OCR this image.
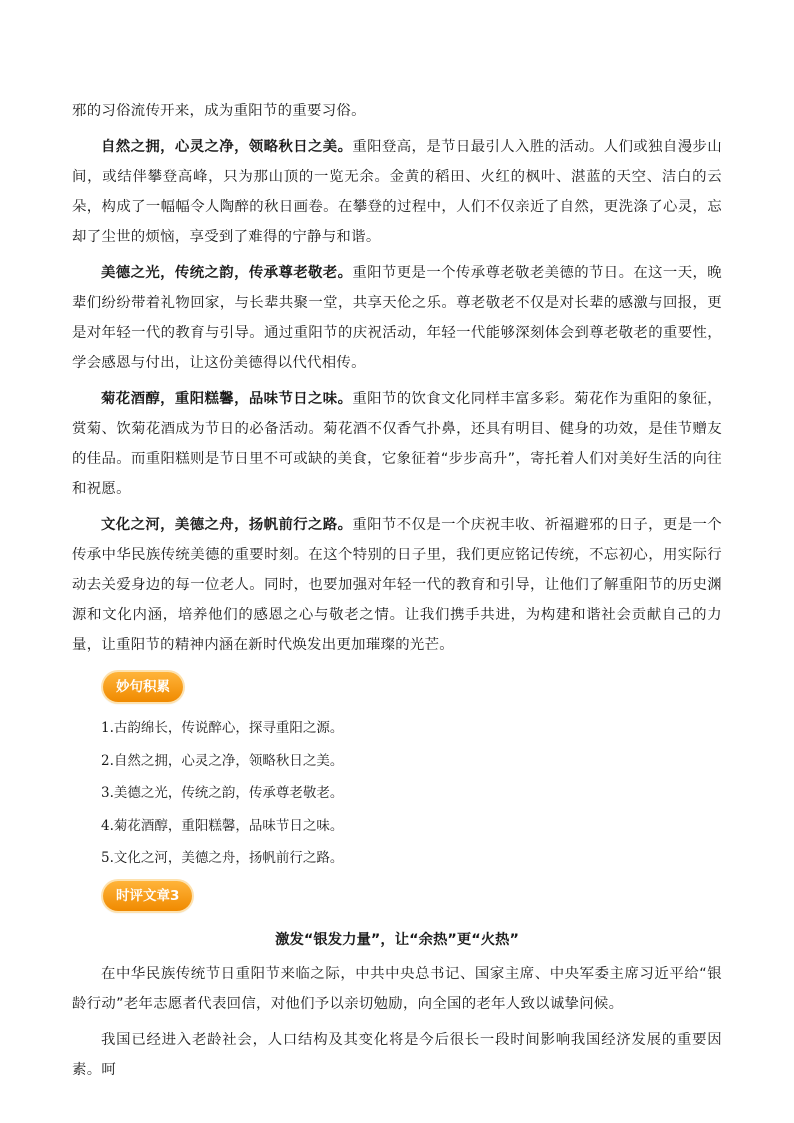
邪的习俗流传开来，成为重阳节的重要习俗。

自然之拥，心灵之净，领略秋日之美。重阳登高，是节日最引人入胜的活动。人们或独自漫步山间，或结伴攀登高峰，只为那山顶的一览无余。金黄的稻田、火红的枫叶、湛蓝的天空、洁白的云朵，构成了一幅幅令人陶醉的秋日画卷。在攀登的过程中，人们不仅亲近了自然，更洗涤了心灵，忘却了尘世的烦恼，享受到了难得的宁静与和谐。

美德之光，传统之韵，传承尊老敬老。重阳节更是一个传承尊老敬老美德的节日。在这一天，晚辈们纷纷带着礼物回家，与长辈共聚一堂，共享天伦之乐。尊老敬老不仅是对长辈的感激与回报，更是对年轻一代的教育与引导。通过重阳节的庆祝活动，年轻一代能够深刻体会到尊老敬老的重要性，学会感恩与付出，让这份美德得以代代相传。

菊花酒醇，重阳糕馨，品味节日之味。重阳节的饮食文化同样丰富多彩。菊花作为重阳的象征，赏菊、饮菊花酒成为节日的必备活动。菊花酒不仅香气扑鼻，还具有明目、健身的功效，是佳节赠友的佳品。而重阳糕则是节日里不可或缺的美食，它象征着“步步高升”，寄托着人们对美好生活的向往和祝愿。

文化之河，美德之舟，扬帆前行之路。重阳节不仅是一个庆祝丰收、祈福避邪的日子，更是一个传承中华民族传统美德的重要时刻。在这个特别的日子里，我们更应铭记传统，不忘初心，用实际行动去关爱身边的每一位老人。同时，也要加强对年轻一代的教育和引导，让他们了解重阳节的历史渊源和文化内涵，培养他们的感恩之心与敬老之情。让我们携手共进，为构建和谐社会贡献自己的力量，让重阳节的精神内涵在新时代焕发出更加璀璨的光芒。

妙句积累
1.古韵绵长，传说醉心，探寻重阳之源。
2.自然之拥，心灵之净，领略秋日之美。
3.美德之光，传统之韵，传承尊老敬老。
4.菊花酒醇，重阳糕馨，品味节日之味。
5.文化之河，美德之舟，扬帆前行之路。
时评文章3
激发“银发力量”，让“余热”更“火热”

在中华民族传统节日重阳节来临之际，中共中央总书记、国家主席、中央军委主席习近平给“银龄行动”老年志愿者代表回信，对他们予以亲切勉励，向全国的老年人致以诚挚问候。

我国已经进入老龄社会，人口结构及其变化将是今后很长一段时间影响我国经济发展的重要因素。呵
